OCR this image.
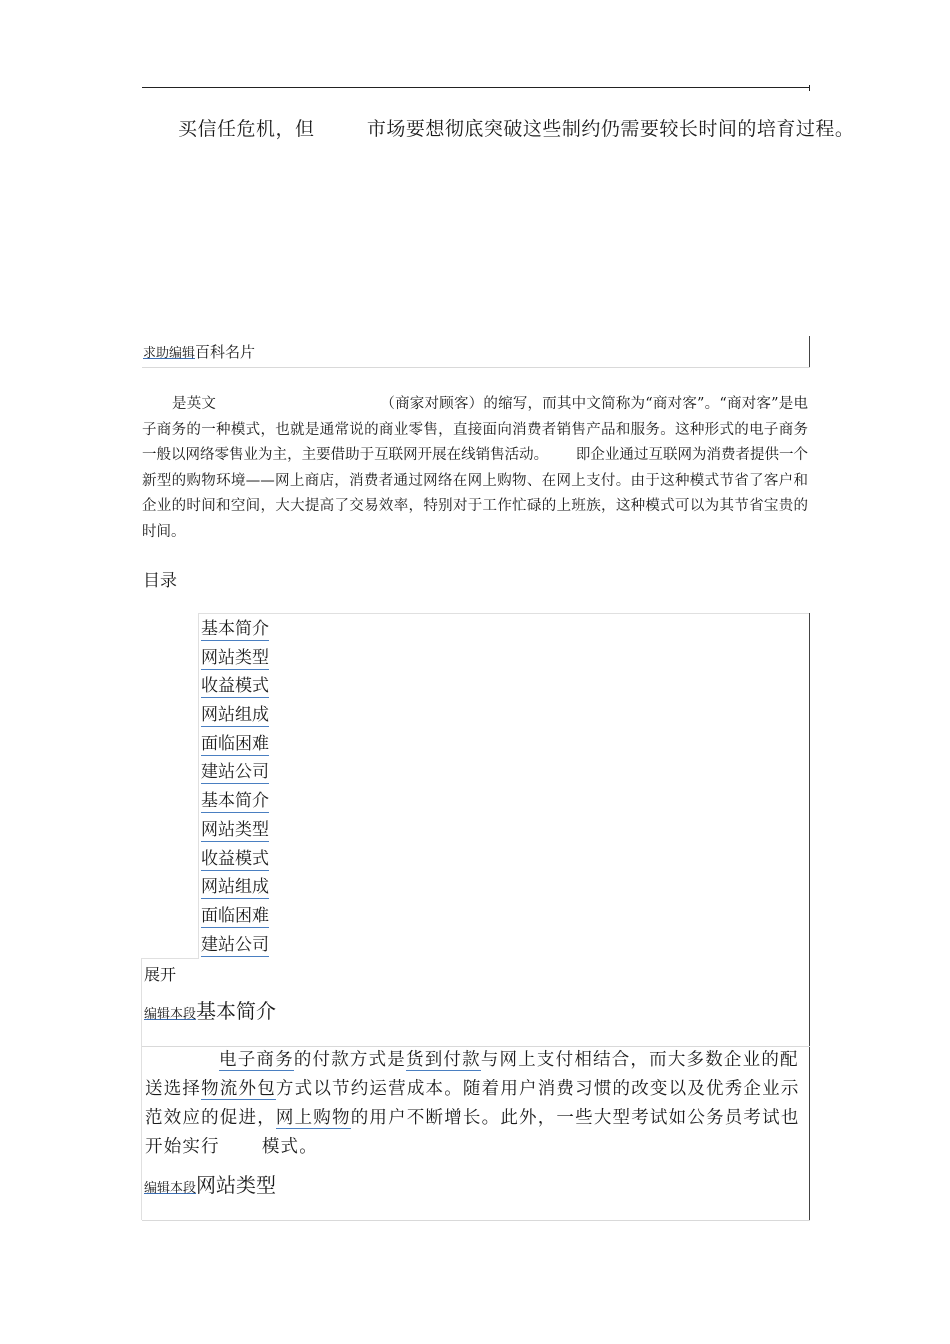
买信任危机，但	市场要想彻底突破这些制约仍需要较长时间的培育过程。
求助编辑百科名片
是英文	（商家对顾客）的缩写，而其中文简称为“商对客”。“商对客”是电子商务的一种模式，也就是通常说的商业零售，直接面向消费者销售产品和服务。这种形式的电子商务一般以网络零售业为主，主要借助于互联网开展在线销售活动。 即企业通过互联网为消费者提供一个新型的购物环境——网上商店，消费者通过网络在网上购物、在网上支付。由于这种模式节省了客户和企业的时间和空间，大大提高了交易效率，特别对于工作忙碌的上班族，这种模式可以为其节省宝贵的时间。
目录
基本简介
网站类型
收益模式
网站组成
面临困难
建站公司
基本简介
网站类型
收益模式
网站组成
面临困难
建站公司
展开
编辑本段基本简介
电子商务的付款方式是货到付款与网上支付相结合，而大多数企业的配送选择物流外包方式以节约运营成本。随着用户消费习惯的改变以及优秀企业示范效应的促进，网上购物的用户不断增长。此外，一些大型考试如公务员考试也开始实行 模式。
编辑本段网站类型
